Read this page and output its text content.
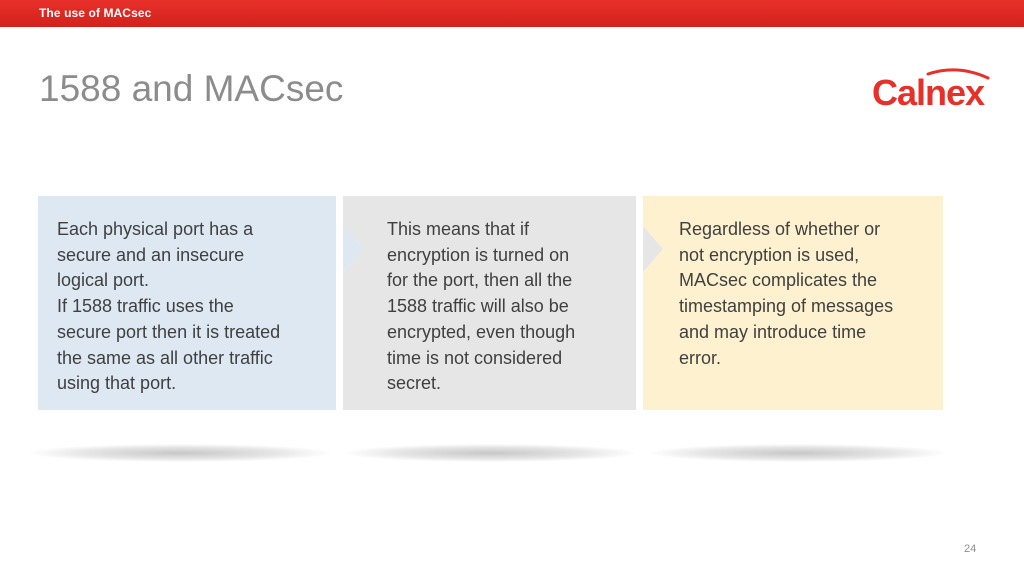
The use of MACsec
1588 and MACsec	Calnex

Each physical port has a
secure and an insecure
logical port.
If 1588 traffic uses the
secure port then it is treated
the same as all other traffic
using that port.

This means that if
encryption is turned on
for the port, then all the
1588 traffic will also be
encrypted, even though
time is not considered
secret.

Regardless of whether or
not encryption is used,
MACsec complicates the
timestamping of messages
and may introduce time
error.

24
